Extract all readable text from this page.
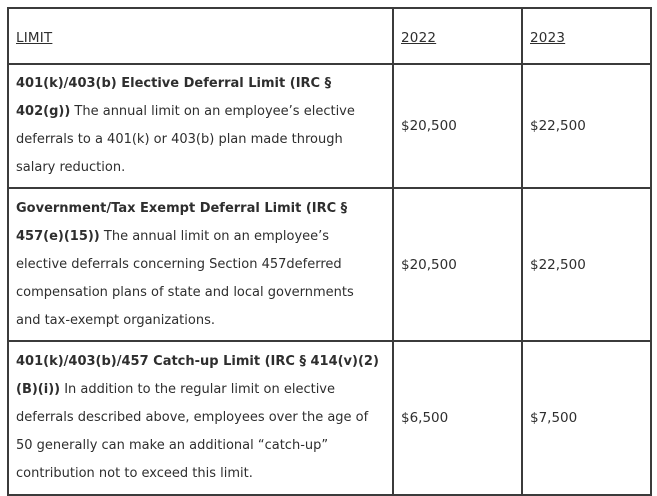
LIMIT	2022	2023
401(k)/403(b) Elective Deferral Limit (IRC § 402(g)) The annual limit on an employee’s elective deferrals to a 401(k) or 403(b) plan made through salary reduction.	$20,500	$22,500
Government/Tax Exempt Deferral Limit (IRC § 457(e)(15)) The annual limit on an employee’s elective deferrals concerning Section 457deferred compensation plans of state and local governments and tax-exempt organizations.	$20,500	$22,500
401(k)/403(b)/457 Catch-up Limit (IRC § 414(v)(2)(B)(i)) In addition to the regular limit on elective deferrals described above, employees over the age of 50 generally can make an additional “catch-up” contribution not to exceed this limit.	$6,500	$7,500
